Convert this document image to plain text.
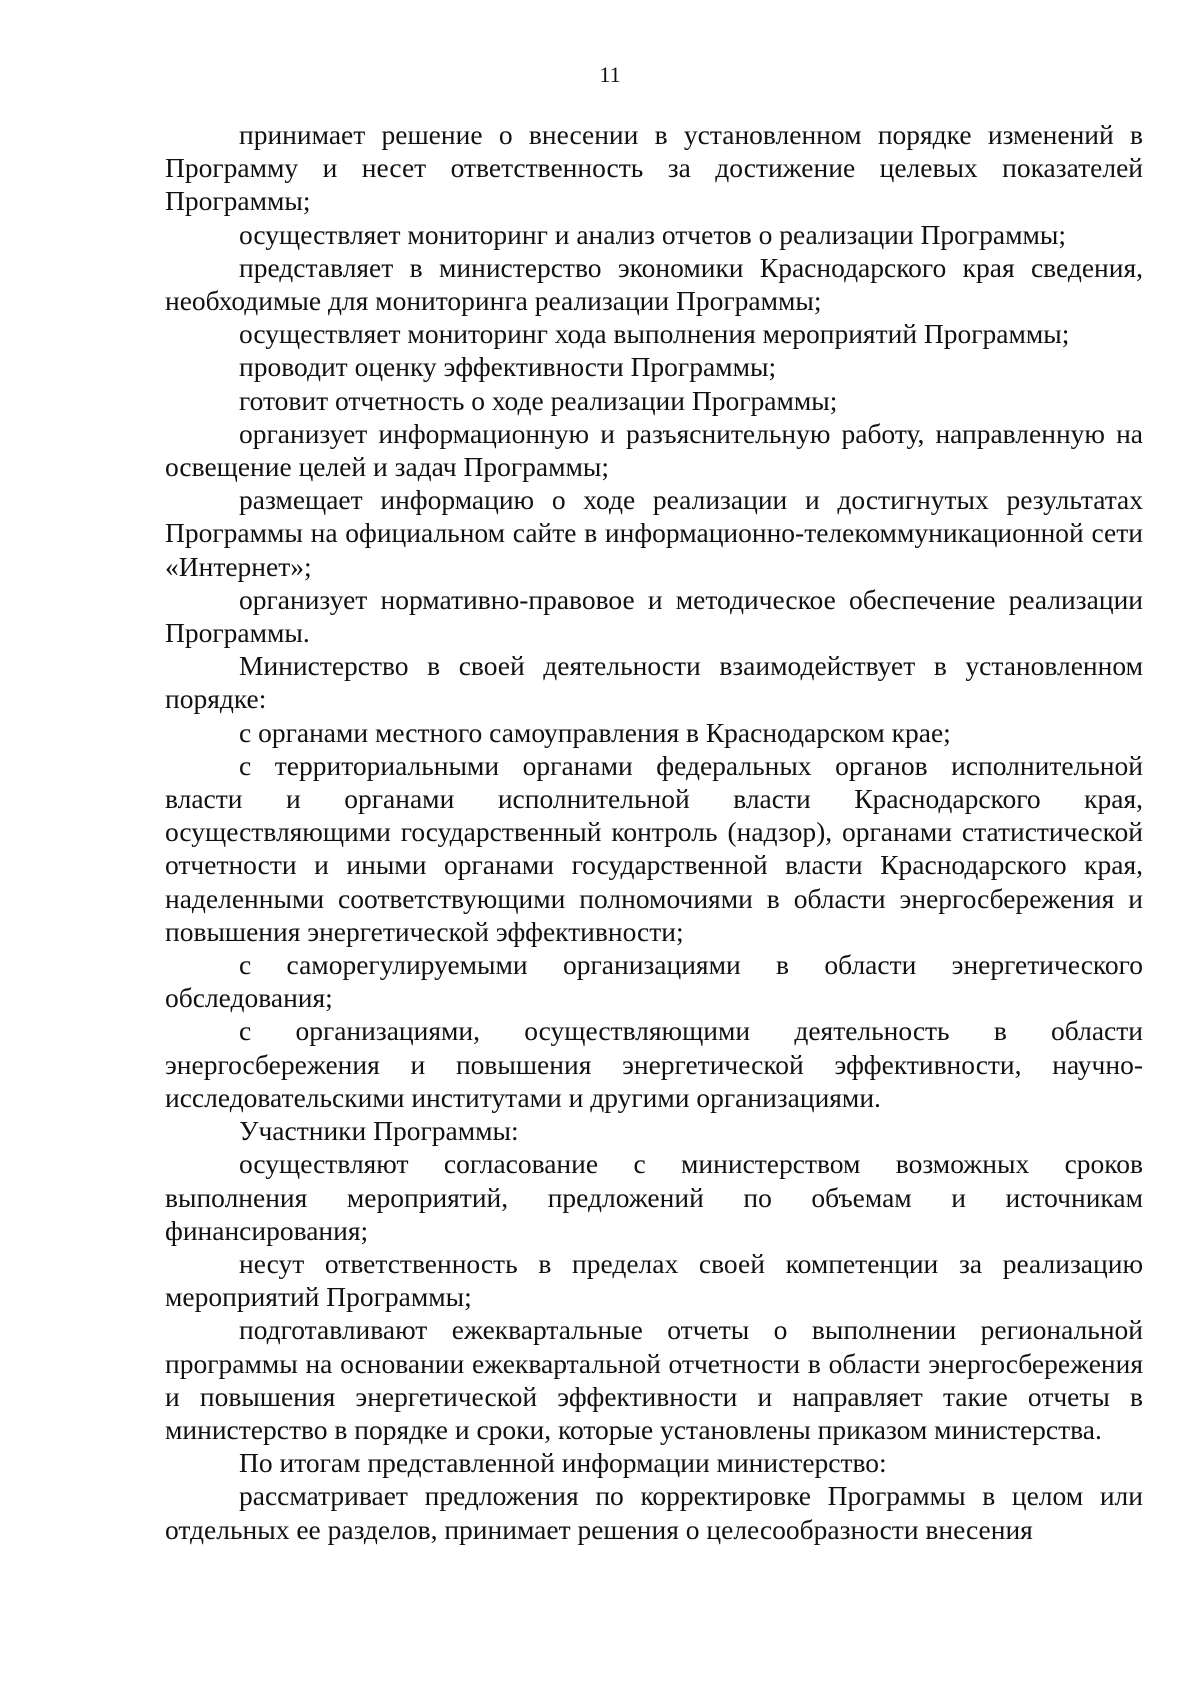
11

принимает решение о внесении в установленном порядке изменений в Программу и несет ответственность за достижение целевых показателей Программы;

осуществляет мониторинг и анализ отчетов о реализации Программы;

представляет в министерство экономики Краснодарского края сведения, необходимые для мониторинга реализации Программы;

осуществляет мониторинг хода выполнения мероприятий Программы;

проводит оценку эффективности Программы;

готовит отчетность о ходе реализации Программы;

организует информационную и разъяснительную работу, направленную на освещение целей и задач Программы;

размещает информацию о ходе реализации и достигнутых результатах Программы на официальном сайте в информационно-телекоммуникационной сети «Интернет»;

организует нормативно-правовое и методическое обеспечение реализации Программы.

Министерство в своей деятельности взаимодействует в установленном порядке:

с органами местного самоуправления в Краснодарском крае;

с территориальными органами федеральных органов исполнительной власти и органами исполнительной власти Краснодарского края, осуществляющими государственный контроль (надзор), органами статистической отчетности и иными органами государственной власти Краснодарского края, наделенными соответствующими полномочиями в области энергосбережения и повышения энергетической эффективности;

с саморегулируемыми организациями в области энергетического обследования;

с организациями, осуществляющими деятельность в области энергосбережения и повышения энергетической эффективности, научно-исследовательскими институтами и другими организациями.

Участники Программы:

осуществляют согласование с министерством возможных сроков выполнения мероприятий, предложений по объемам и источникам финансирования;

несут ответственность в пределах своей компетенции за реализацию мероприятий Программы;

подготавливают ежеквартальные отчеты о выполнении региональной программы на основании ежеквартальной отчетности в области энергосбережения и повышения энергетической эффективности и направляет такие отчеты в министерство в порядке и сроки, которые установлены приказом министерства.

По итогам представленной информации министерство:

рассматривает предложения по корректировке Программы в целом или отдельных ее разделов, принимает решения о целесообразности внесения
